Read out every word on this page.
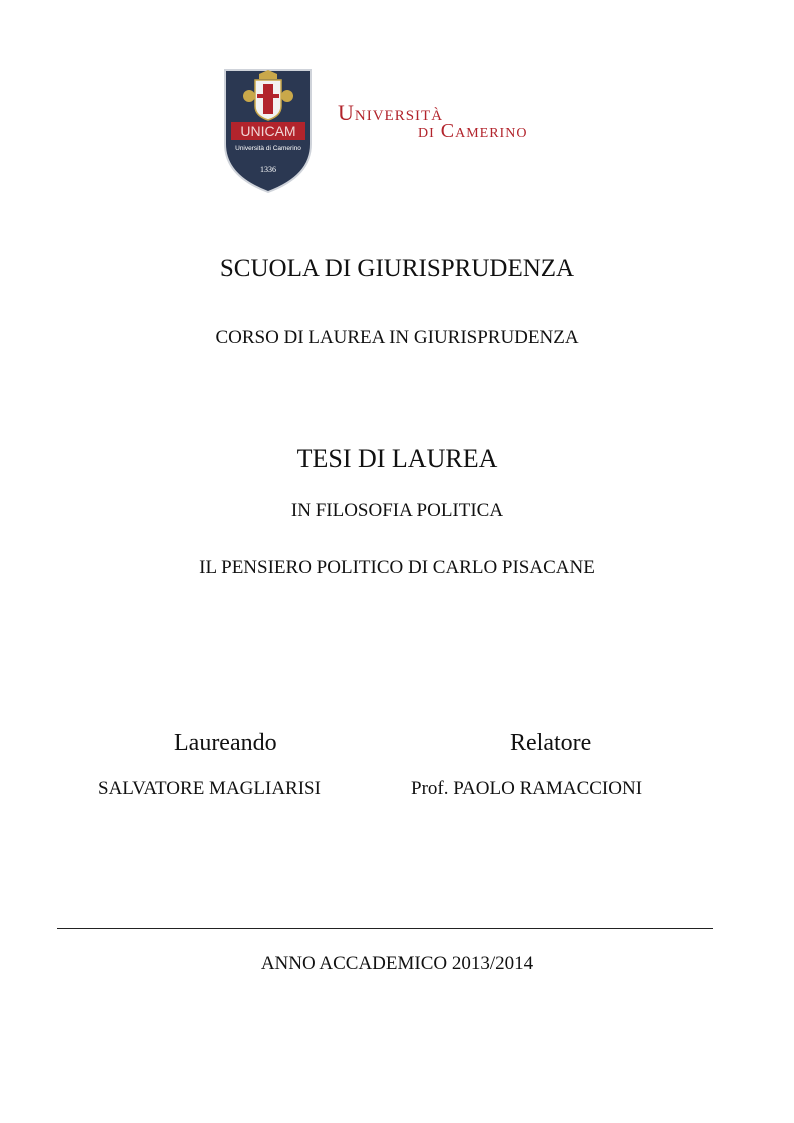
UNICAM
Università di Camerino
1336
Università
di Camerino
SCUOLA DI GIURISPRUDENZA
CORSO DI LAUREA IN GIURISPRUDENZA
TESI DI LAUREA
IN FILOSOFIA POLITICA
IL PENSIERO POLITICO DI CARLO PISACANE
Laureando	Relatore
SALVATORE MAGLIARISI	Prof. PAOLO RAMACCIONI
ANNO ACCADEMICO 2013/2014
